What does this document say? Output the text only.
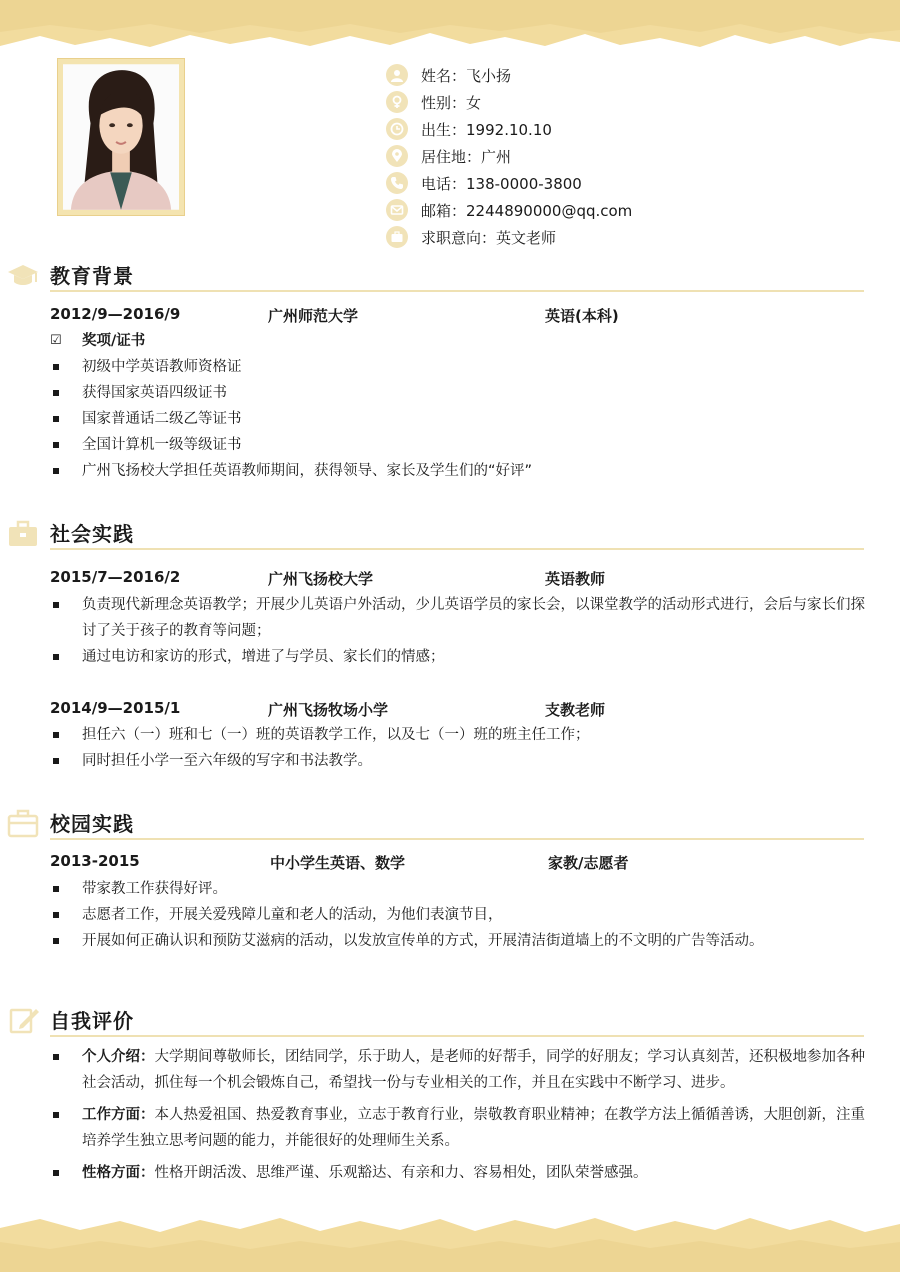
姓名：飞小扬
性别：女
出生：1992.10.10
居住地：广州
电话：138-0000-3800
邮箱：2244890000@qq.com
求职意向：英文老师
教育背景
2012/9—2016/9	广州师范大学	英语(本科)
☑ 奖项/证书
初级中学英语教师资格证
获得国家英语四级证书
国家普通话二级乙等证书
全国计算机一级等级证书
广州飞扬校大学担任英语教师期间，获得领导、家长及学生们的“好评”
社会实践
2015/7—2016/2	广州飞扬校大学	英语教师
负责现代新理念英语教学；开展少儿英语户外活动，少儿英语学员的家长会，以课堂教学的活动形式进行，会后与家长们探讨了关于孩子的教育等问题；
通过电访和家访的形式，增进了与学员、家长们的情感；
2014/9—2015/1	广州飞扬牧场小学	支教老师
担任六（一）班和七（一）班的英语教学工作，以及七（一）班的班主任工作；
同时担任小学一至六年级的写字和书法教学。
校园实践
2013-2015	中小学生英语、数学	家教/志愿者
带家教工作获得好评。
志愿者工作，开展关爱残障儿童和老人的活动，为他们表演节目，
开展如何正确认识和预防艾滋病的活动，以发放宣传单的方式，开展清洁街道墙上的不文明的广告等活动。
自我评价
个人介绍：大学期间尊敬师长，团结同学，乐于助人，是老师的好帮手，同学的好朋友；学习认真刻苦，还积极地参加各种社会活动，抓住每一个机会锻炼自己，希望找一份与专业相关的工作，并且在实践中不断学习、进步。
工作方面：本人热爱祖国、热爱教育事业，立志于教育行业，崇敬教育职业精神；在教学方法上循循善诱，大胆创新，注重培养学生独立思考问题的能力，并能很好的处理师生关系。
性格方面：性格开朗活泼、思维严谨、乐观豁达、有亲和力、容易相处，团队荣誉感强。
